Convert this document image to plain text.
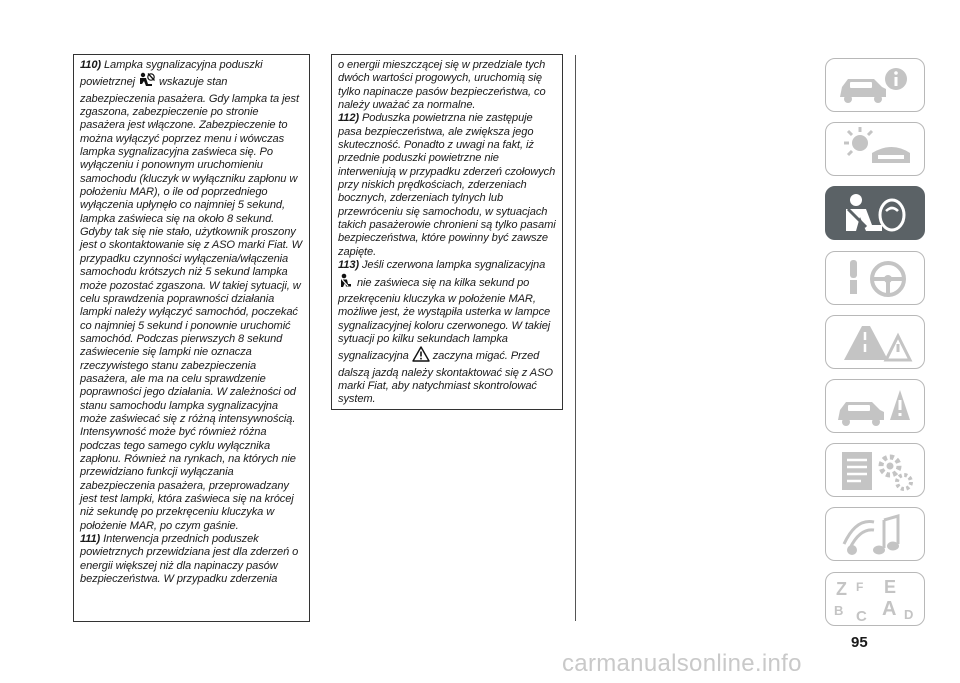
110) Lampka sygnalizacyjna poduszki powietrznej wskazuje stan zabezpieczenia pasażera. Gdy lampka ta jest zgaszona, zabezpieczenie po stronie pasażera jest włączone. Zabezpieczenie to można wyłączyć poprzez menu i wówczas lampka sygnalizacyjna zaświeca się. Po wyłączeniu i ponownym uruchomieniu samochodu (kluczyk w wyłączniku zapłonu w położeniu MAR), o ile od poprzedniego wyłączenia upłynęło co najmniej 5 sekund, lampka zaświeca się na około 8 sekund. Gdyby tak się nie stało, użytkownik proszony jest o skontaktowanie się z ASO marki Fiat. W przypadku czynności wyłączenia/włączenia samochodu krótszych niż 5 sekund lampka może pozostać zgaszona. W takiej sytuacji, w celu sprawdzenia poprawności działania lampki należy wyłączyć samochód, poczekać co najmniej 5 sekund i ponownie uruchomić samochód. Podczas pierwszych 8 sekund zaświecenie się lampki nie oznacza rzeczywistego stanu zabezpieczenia pasażera, ale ma na celu sprawdzenie poprawności jego działania. W zależności od stanu samochodu lampka sygnalizacyjna może zaświecać się z różną intensywnością. Intensywność może być również różna podczas tego samego cyklu wyłącznika zapłonu. Również na rynkach, na których nie przewidziano funkcji wyłączania zabezpieczenia pasażera, przeprowadzany jest test lampki, która zaświeca się na krócej niż sekundę po przekręceniu kluczyka w położenie MAR, po czym gaśnie.

111) Interwencja przednich poduszek powietrznych przewidziana jest dla zderzeń o energii większej niż dla napinaczy pasów bezpieczeństwa. W przypadku zderzenia

o energii mieszczącej się w przedziale tych dwóch wartości progowych, uruchomią się tylko napinacze pasów bezpieczeństwa, co należy uważać za normalne.

112) Poduszka powietrzna nie zastępuje pasa bezpieczeństwa, ale zwiększa jego skuteczność. Ponadto z uwagi na fakt, iż przednie poduszki powietrzne nie interweniują w przypadku zderzeń czołowych przy niskich prędkościach, zderzeniach bocznych, zderzeniach tylnych lub przewróceniu się samochodu, w sytuacjach takich pasażerowie chronieni są tylko pasami bezpieczeństwa, które powinny być zawsze zapięte.

113) Jeśli czerwona lampka sygnalizacyjna
nie zaświeca się na kilka sekund po przekręceniu kluczyka w położenie MAR, możliwe jest, że wystąpiła usterka w lampce sygnalizacyjnej koloru czerwonego. W takiej sytuacji po kilku sekundach lampka sygnalizacyjna zaczyna migać. Przed dalszą jazdą należy skontaktować się z ASO marki Fiat, aby natychmiast skontrolować system.

Z F E
B C A D
95
carmanualsonline.info
